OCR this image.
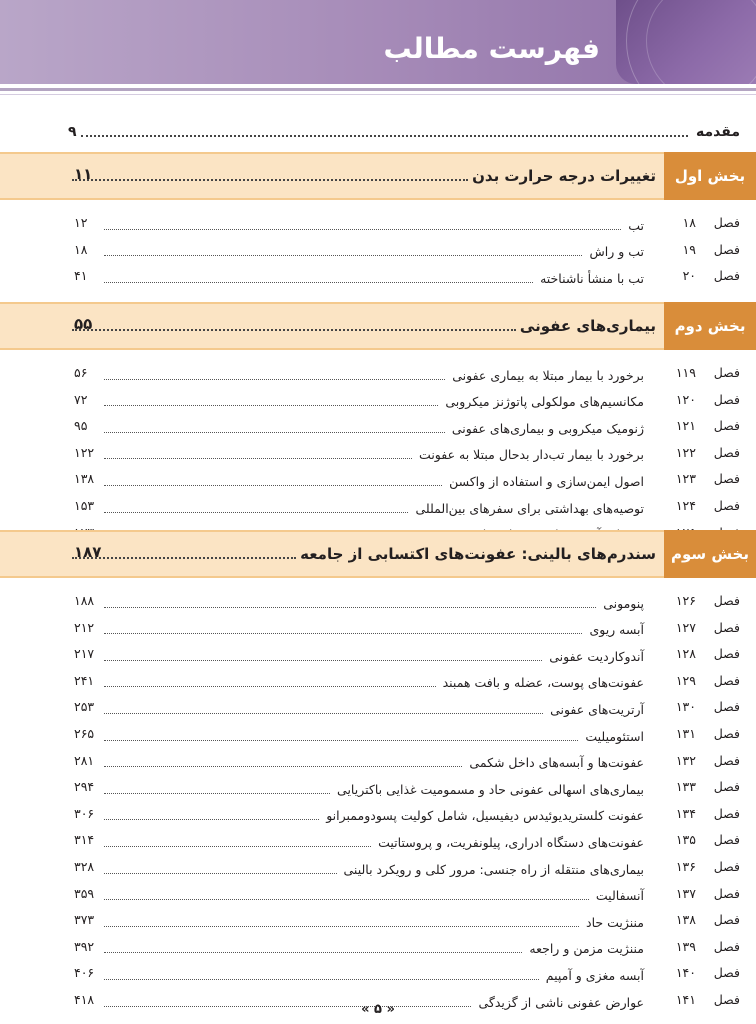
فهرست مطالب
مقدمه
۹
بخش اول
تغییرات درجه حرارت بدن
۱۱
فصل
۱۸
تب
۱۲
فصل
۱۹
تب و راش
۱۸
فصل
۲۰
تب با منشأ ناشناخته
۴۱
بخش دوم
بیماری‌های عفونی
۵۵
فصل
۱۱۹
برخورد با بیمار مبتلا به بیماری عفونی
۵۶
فصل
۱۲۰
مکانسیم‌های مولکولی پاتوژنز میکروبی
۷۲
فصل
۱۲۱
ژنومیک میکروبی و بیماری‌های عفونی
۹۵
فصل
۱۲۲
برخورد با بیمار تب‌دار بدحال مبتلا به عفونت
۱۲۲
فصل
۱۲۳
اصول ایمن‌سازی و استفاده از واکسن
۱۳۸
فصل
۱۲۴
توصیه‌های بهداشتی برای سفرهای بین‌المللی
۱۵۳
بخش سوم
سندرم‌های بالینی: عفونت‌های اکتسابی از جامعه
۱۸۷
فصل
۱۲۶
پنومونی
۱۸۸
فصل
۱۲۷
آبسه ریوی
۲۱۲
فصل
۱۲۸
آندوکاردیت عفونی
۲۱۷
فصل
۱۲۹
عفونت‌های پوست، عضله و بافت همبند
۲۴۱
فصل
۱۳۰
آرتریت‌های عفونی
۲۵۳
فصل
۱۳۱
استئومیلیت
۲۶۵
فصل
۱۳۲
عفونت‌ها و آبسه‌های داخل شکمی
۲۸۱
فصل
۱۳۳
بیماری‌های اسهالی عفونی حاد و مسمومیت غذایی باکتریایی
۲۹۴
فصل
۱۳۴
عفونت کلستریدیوئیدس دیفیسیل، شامل کولیت پسودوممبرانو
۳۰۶
فصل
۱۳۵
عفونت‌های دستگاه ادراری، پیلونفریت، و پروستاتیت
۳۱۴
فصل
۱۳۶
بیماری‌های منتقله از راه جنسی: مرور کلی و رویکرد بالینی
۳۲۸
فصل
۱۳۷
آنسفالیت
۳۵۹
فصل
۱۳۸
مننژیت حاد
۳۷۳
فصل
۱۳۹
مننژیت مزمن و راجعه
۳۹۲
فصل
۱۴۰
آبسه مغزی و آمپیم
۴۰۶
فصل
۱۴۱
عوارض عفونی ناشی از گزیدگی
۴۱۸
« ۵ »
